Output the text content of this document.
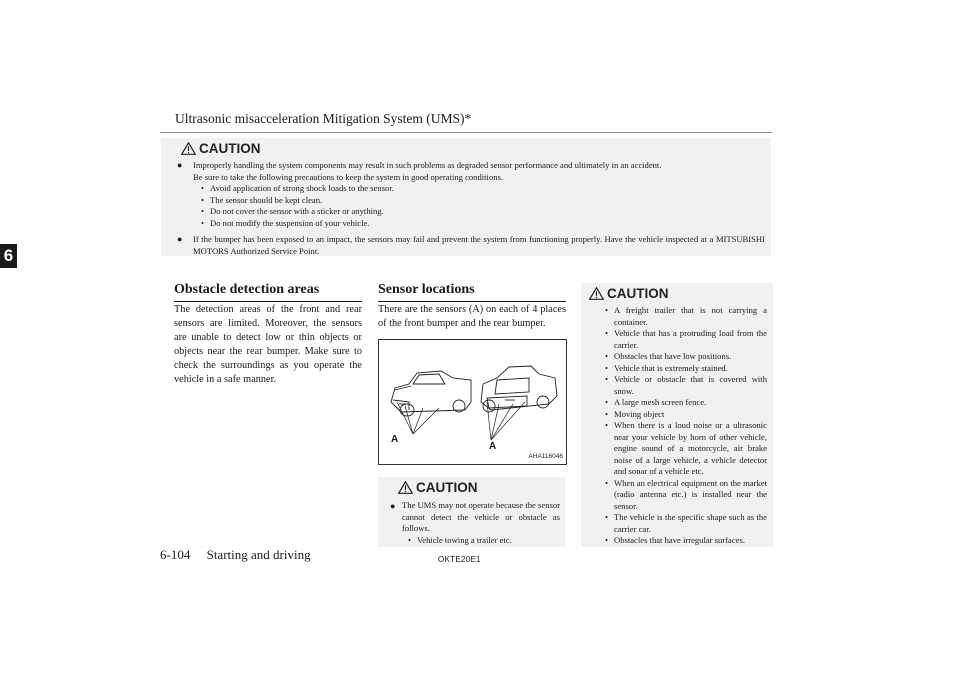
Ultrasonic misacceleration Mitigation System (UMS)*
6
CAUTION
● Improperly handling the system components may result in such problems as degraded sensor performance and ultimately in an accident.
Be sure to take the following precautions to keep the system in good operating conditions.
• Avoid application of strong shock loads to the sensor.
• The sensor should be kept clean.
• Do not cover the sensor with a sticker or anything.
• Do not modify the suspension of your vehicle.
● If the bumper has been exposed to an impact, the sensors may fail and prevent the system from functioning properly. Have the vehicle inspected at a MITSUBISHI MOTORS Authorized Service Point.
Obstacle detection areas
The detection areas of the front and rear sensors are limited. Moreover, the sensors are unable to detect low or thin objects or objects near the rear bumper. Make sure to check the surroundings as you operate the vehicle in a safe manner.
Sensor locations
There are the sensors (A) on each of 4 places of the front bumper and the rear bumper.
A
A
AHA116046
CAUTION
● The UMS may not operate because the sensor cannot detect the vehicle or obstacle as follows.
• Vehicle towing a trailer etc.
CAUTION
• A freight trailer that is not carrying a container.
• Vehicle that has a protruding load from the carrier.
• Obstacles that have low positions.
• Vehicle that is extremely stained.
• Vehicle or obstacle that is covered with snow.
• A large mesh screen fence.
• Moving object
• When there is a loud noise or a ultrasonic near your vehicle by horn of other vehicle, engine sound of a motorcycle, air brake noise of a large vehicle, a vehicle detector and sonar of a vehicle etc.
• When an electrical equipment on the market (radio antenna etc.) is installed near the sensor.
• The vehicle is the specific shape such as the carrier car.
• Obstacles that have irregular surfaces.
6-104 Starting and driving	OKTE20E1
